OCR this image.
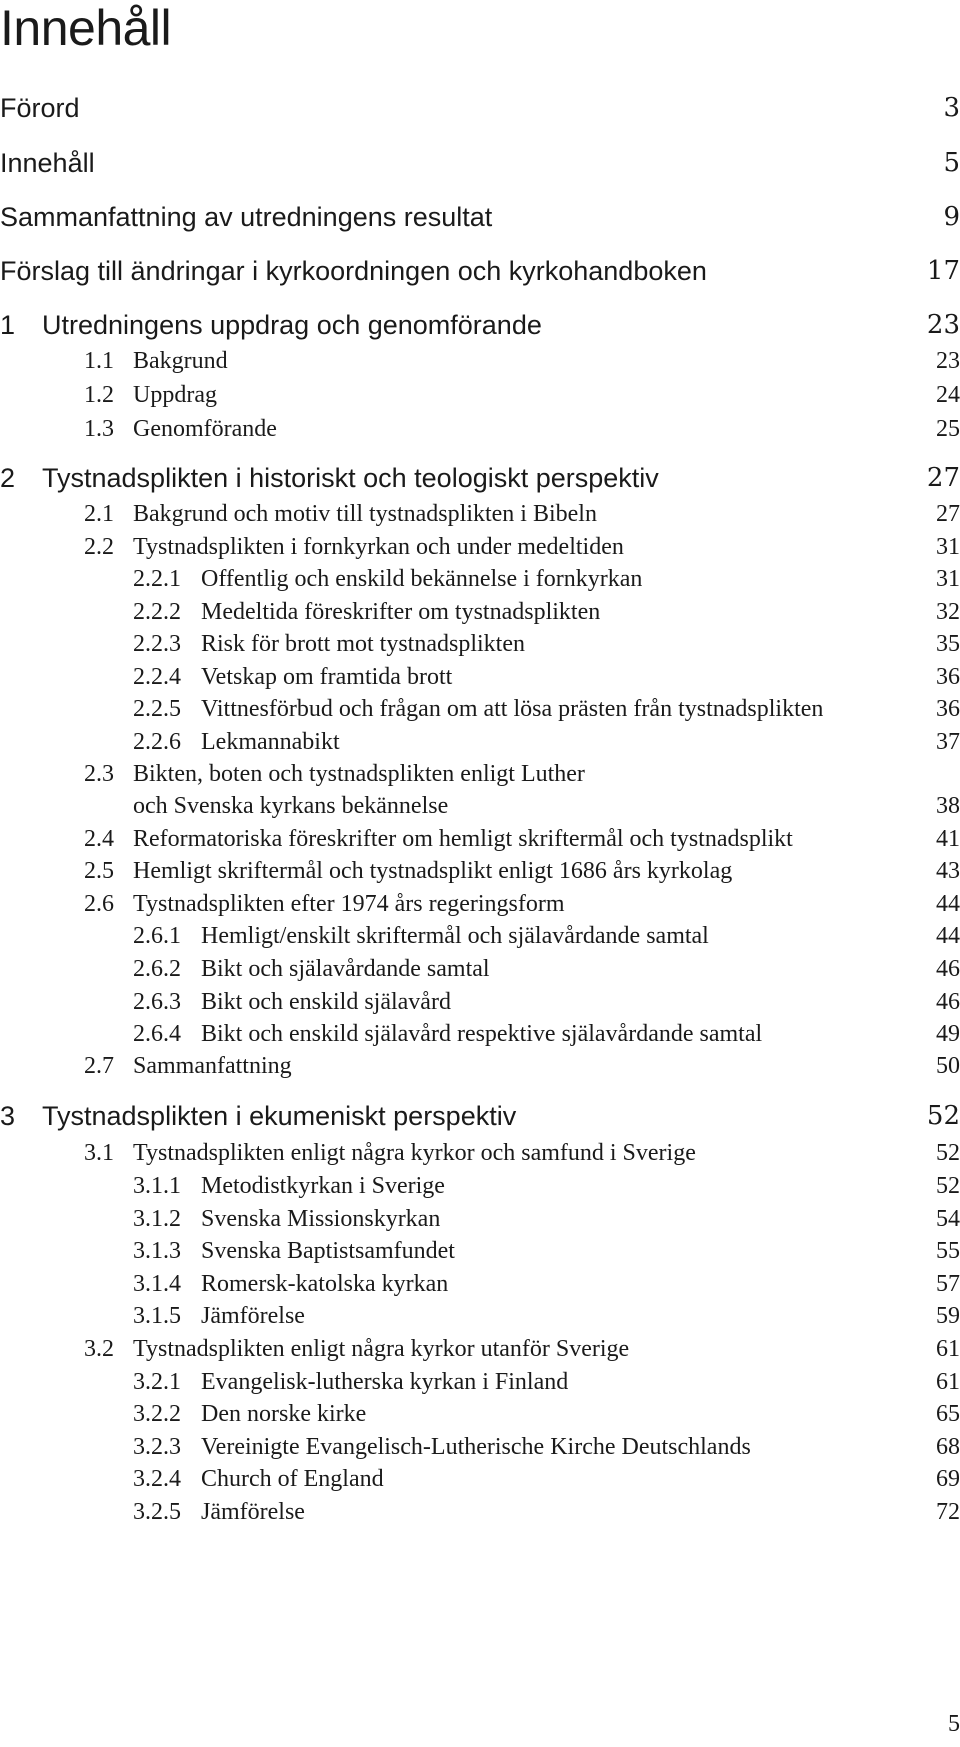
Innehåll
Förord	3
Innehåll	5
Sammanfattning av utredningens resultat	9
Förslag till ändringar i kyrkoordningen och kyrkohandboken	17
1 Utredningens uppdrag och genomförande	23
1.1 Bakgrund	23
1.2 Uppdrag	24
1.3 Genomförande	25
2 Tystnadsplikten i historiskt och teologiskt perspektiv	27
2.1 Bakgrund och motiv till tystnadsplikten i Bibeln	27
2.2 Tystnadsplikten i fornkyrkan och under medeltiden	31
2.2.1 Offentlig och enskild bekännelse i fornkyrkan	31
2.2.2 Medeltida föreskrifter om tystnadsplikten	32
2.2.3 Risk för brott mot tystnadsplikten	35
2.2.4 Vetskap om framtida brott	36
2.2.5 Vittnesförbud och frågan om att lösa prästen från tystnadsplikten	36
2.2.6 Lekmannabikt	37
2.3 Bikten, boten och tystnadsplikten enligt Luther
och Svenska kyrkans bekännelse	38
2.4 Reformatoriska föreskrifter om hemligt skriftermål och tystnadsplikt	41
2.5 Hemligt skriftermål och tystnadsplikt enligt 1686 års kyrkolag	43
2.6 Tystnadsplikten efter 1974 års regeringsform	44
2.6.1 Hemligt/enskilt skriftermål och själavårdande samtal	44
2.6.2 Bikt och själavårdande samtal	46
2.6.3 Bikt och enskild själavård	46
2.6.4 Bikt och enskild själavård respektive själavårdande samtal	49
2.7 Sammanfattning	50
3 Tystnadsplikten i ekumeniskt perspektiv	52
3.1 Tystnadsplikten enligt några kyrkor och samfund i Sverige	52
3.1.1 Metodistkyrkan i Sverige	52
3.1.2 Svenska Missionskyrkan	54
3.1.3 Svenska Baptistsamfundet	55
3.1.4 Romersk-katolska kyrkan	57
3.1.5 Jämförelse	59
3.2 Tystnadsplikten enligt några kyrkor utanför Sverige	61
3.2.1 Evangelisk-lutherska kyrkan i Finland	61
3.2.2 Den norske kirke	65
3.2.3 Vereinigte Evangelisch-Lutherische Kirche Deutschlands	68
3.2.4 Church of England	69
3.2.5 Jämförelse	72
5
